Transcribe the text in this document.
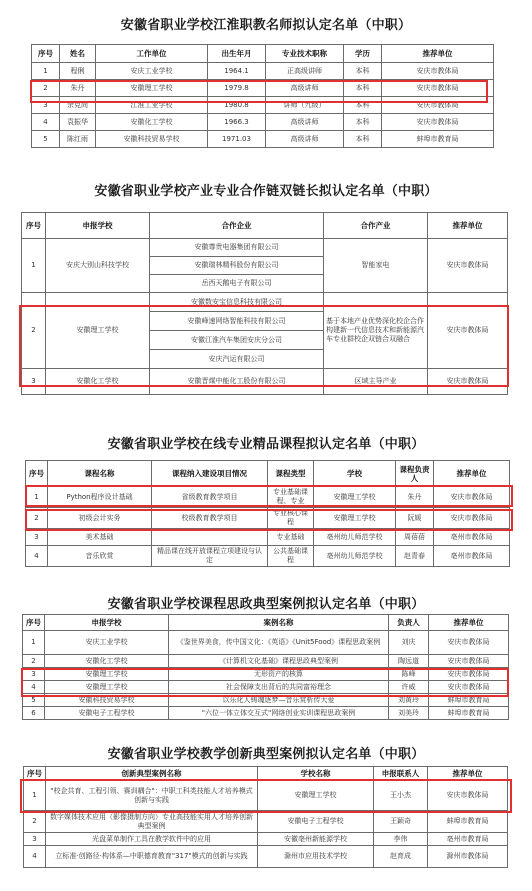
安徽省职业学校江淮职教名师拟认定名单（中职）
序号	姓名	工作单位	出生年月	专业技术职称	学历	推荐单位
1	程俐	安庆工业学校	1964.1	正高级讲师	本科	安庆市教体局
2	朱丹	安徽理工学校	1979.8	高级讲师	本科	安庆市教体局
3	余克尚	江淮工业学校	1980.8	讲师（九级）	本科	安庆市教体局
4	袁振华	安徽化工学校	1966.3	高级讲师	本科	安庆市教体局
5	陈红雨	安徽科技贸易学校	1971.03	高级讲师	本科	蚌埠市教育局
安徽省职业学校产业专业合作链双链长拟认定名单（中职）
序号	申报学校	合作企业	合作产业	推荐单位
1	安庆大别山科技学校	安徽尊贵电器集团有限公司	智能家电	安庆市教体局
		安徽瑞林精科股份有限公司		
		岳西天鹅电子有限公司		
2	安徽理工学校	安徽数安宝信息科技有限公司	基于本地产业优势深化校企合作构建新一代信息技术和新能源汽车专业群校企双链合双融合	安庆市教体局
		安徽峰速网络智能科技有限公司		
		安徽江淮汽车集团安庆分公司		
		安庆汽运有限公司		
3	安徽化工学校	安徽晋煤中能化工股份有限公司	区域主导产业	安庆市教体局
安徽省职业学校在线专业精品课程拟认定名单（中职）
序号	课程名称	课程纳入建设项目情况	课程类型	学校	课程负责人	推荐单位
1	Python程序设计基础	省级教育教学项目	专业基础课程、专业	安徽理工学校	朱丹	安庆市教体局
2	初级会计实务	校级教育教学项目	专业核心课程	安徽理工学校	阮媛	安庆市教体局
3	美术基础		专业基础	亳州幼儿师范学校	周蓓蓓	亳州市教体局
4	音乐欣赏	精品课在线开放课程立项建设与认定	公共基础课程	亳州幼儿师范学校	赵青春	亳州市教体局
安徽省职业学校课程思政典型案例拟认定名单（中职）
序号	申报学校	案例名称	负责人	推荐单位
1	安庆工业学校	《鉴世界美食，传中国文化：《英语》《Unit5Food》课程思政案例	刘庆	安庆市教体局
2	安徽化工学校	《计算机文化基础》课程思政典型案例	陶远道	安庆市教体局
3	安徽理工学校	无形资产的核算	陈峰	安庆市教体局
4	安徽理工学校	社会保障支出背后的共同富裕理念	许威	安庆市教体局
5	安徽科技贸易学校	以乐化人铸魂逐梦—音乐赏析传大爱	刘黄玲	蚌埠市教育局
6	安徽电子工程学校	"六位一体立体交互式"网络创业实训课程思政案例	刘美玲	蚌埠市教育局
安徽省职业学校教学创新典型案例拟认定名单（中职）
序号	创新典型案例名称	学校名称	申报联系人	推荐单位
1	"校企共育、工程引领、赛训耦合"：中职工科类技能人才培养模式创新与实践	安徽理工学校	王小杰	安庆市教体局
2	数字媒体技术应用（影像摄制方向）专业高技能实用人才培养创新典型案例	安徽电子工程学校	王颖奇	蚌埠市教育局
3	光盘菜单制作工具在教学软件中的应用	安徽亳州新能源学校	李伟	亳州市教育局
4	立标准·创路径·构体系—中职德育教育"317"模式的创新与实践	滁州市应用技术学校	赵育成	滁州市教体局
